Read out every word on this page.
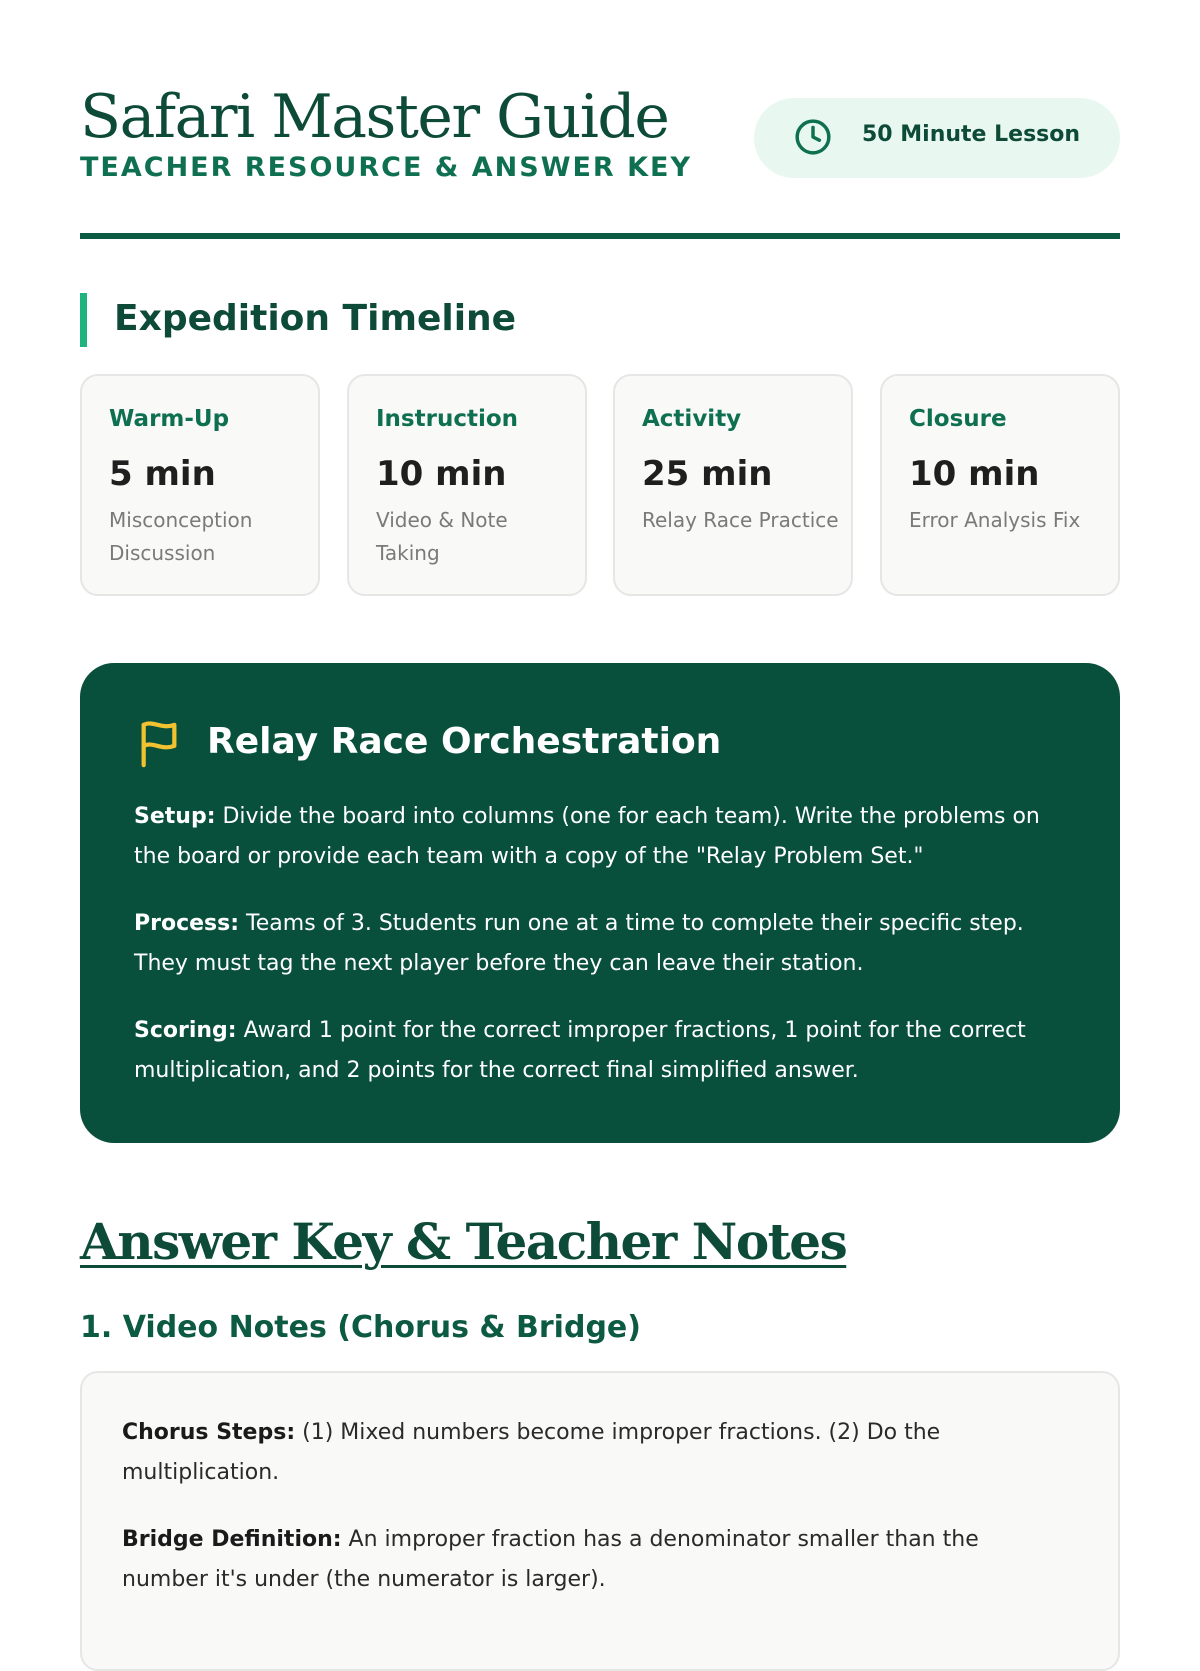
Safari Master Guide
TEACHER RESOURCE & ANSWER KEY
50 Minute Lesson
Expedition Timeline
Warm-Up
5 min
Misconception Discussion
Instruction
10 min
Video & Note Taking
Activity
25 min
Relay Race Practice
Closure
10 min
Error Analysis Fix
Relay Race Orchestration

Setup: Divide the board into columns (one for each team). Write the problems on the board or provide each team with a copy of the "Relay Problem Set."

Process: Teams of 3. Students run one at a time to complete their specific step. They must tag the next player before they can leave their station.

Scoring: Award 1 point for the correct improper fractions, 1 point for the correct multiplication, and 2 points for the correct final simplified answer.

Answer Key & Teacher Notes
1. Video Notes (Chorus & Bridge)

Chorus Steps: (1) Mixed numbers become improper fractions. (2) Do the multiplication.

Bridge Definition: An improper fraction has a denominator smaller than the number it's under (the numerator is larger).
